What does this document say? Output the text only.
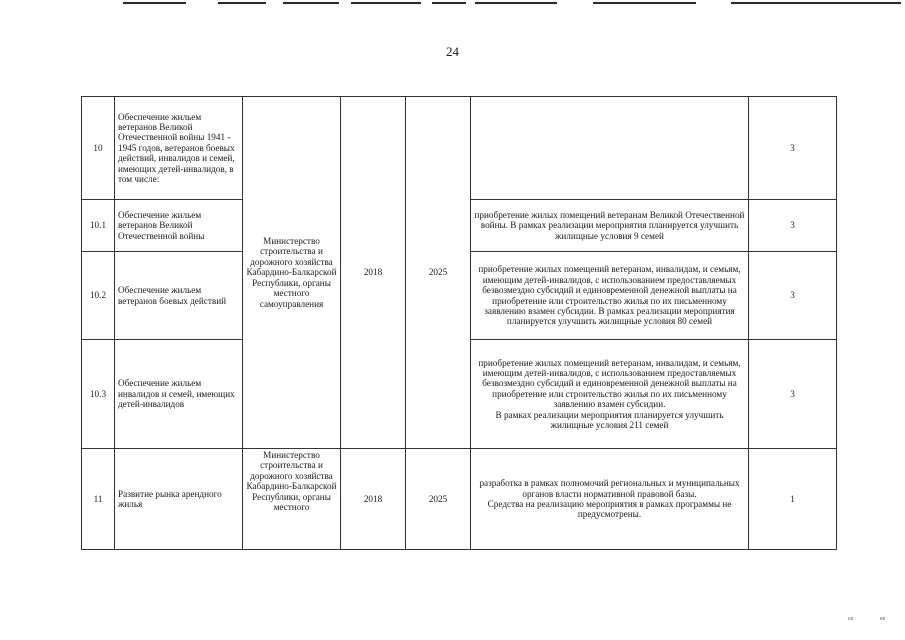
24
10	Обеспечение жильем ветеранов Великой Отечественной войны 1941 - 1945 годов, ветеранов боевых действий, инвалидов и семей, имеющих детей-инвалидов, в том числе:	Министерство строительства и дорожного хозяйства Кабардино-Балкарской Республики, органы местного самоуправления	2018	2025		3
10.1	Обеспечение жильем ветеранов Великой Отечественной войны				приобретение жилых помещений ветеранам Великой Отечественной войны. В рамках реализации мероприятия планируется улучшить жилищные условия 9 семей	3
10.2	Обеспечение жильем ветеранов боевых действий				приобретение жилых помещений ветеранам, инвалидам, и семьям, имеющим детей-инвалидов, с использованием предоставляемых безвозмездно субсидий и единовременной денежной выплаты на приобретение или строительство жилья по их письменному заявлению взамен субсидии. В рамках реализации мероприятия планируется улучшить жилищные условия 80 семей	3
10.3	Обеспечение жильем инвалидов и семей, имеющих детей-инвалидов				приобретение жилых помещений ветеранам, инвалидам, и семьям, имеющим детей-инвалидов, с использованием предоставляемых безвозмездно субсидий и единовременной денежной выплаты на приобретение или строительство жилья по их письменному заявлению взамен субсидии.
В рамках реализации мероприятия планируется улучшить жилищные условия 211 семей	3
11	Развитие рынка арендного жилья	Министерство строительства и дорожного хозяйства Кабардино-Балкарской Республики, органы местного	2018	2025	разработка в рамках полномочий региональных и муниципальных органов власти нормативной правовой базы.
Средства на реализацию мероприятия в рамках программы не предусмотрены.	1
ce	ee
